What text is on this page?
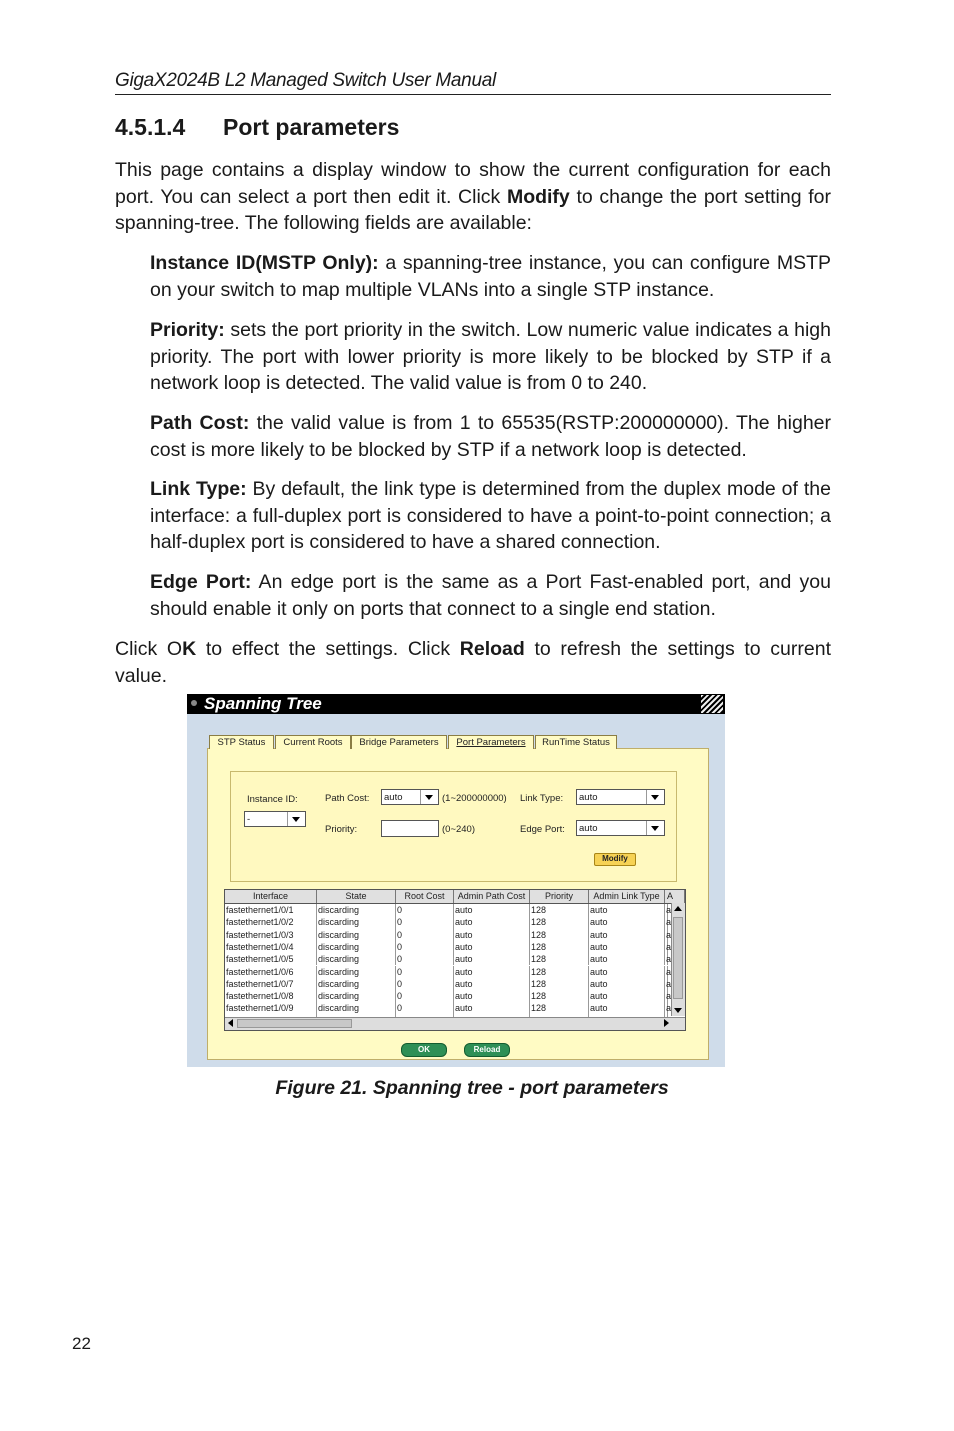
GigaX2024B L2 Managed Switch User Manual
4.5.1.4 Port parameters
This page contains a display window to show the current configuration for each port. You can select a port then edit it. Click Modify to change the port setting for spanning-tree. The following fields are available:
Instance ID(MSTP Only): a spanning-tree instance, you can configure MSTP on your switch to map multiple VLANs into a single STP instance.
Priority: sets the port priority in the switch. Low numeric value indicates a high priority. The port with lower priority is more likely to be blocked by STP if a network loop is detected. The valid value is from 0 to 240.
Path Cost: the valid value is from 1 to 65535(RSTP:200000000). The higher cost is more likely to be blocked by STP if a network loop is detected.
Link Type: By default, the link type is determined from the duplex mode of the interface: a full-duplex port is considered to have a point-to-point connection; a half-duplex port is considered to have a shared connection.
Edge Port: An edge port is the same as a Port Fast-enabled port, and you should enable it only on ports that connect to a single end station.
Click OK to effect the settings. Click Reload to refresh the settings to current value.
Spanning Tree
STP Status	Current Roots	Bridge Parameters	Port Parameters	RunTime Status
Instance ID:
-
Path Cost:	auto	(1~200000000)
Priority:	(0~240)
Link Type:	auto
Edge Port:	auto
Modify
Interface	State	Root Cost	Admin Path Cost	Priority	Admin Link Type A
fastethernet1/0/1	discarding	0	auto	128	auto	a
fastethernet1/0/2	discarding	0	auto	128	auto	a
fastethernet1/0/3	discarding	0	auto	128	auto	a
fastethernet1/0/4	discarding	0	auto	128	auto	a
fastethernet1/0/5	discarding	0	auto	128	auto	a
fastethernet1/0/6	discarding	0	auto	128	auto	a
fastethernet1/0/7	discarding	0	auto	128	auto	a
fastethernet1/0/8	discarding	0	auto	128	auto	a
fastethernet1/0/9	discarding	0	auto	128	auto	a
OK	Reload
Figure 21. Spanning tree - port parameters
22
